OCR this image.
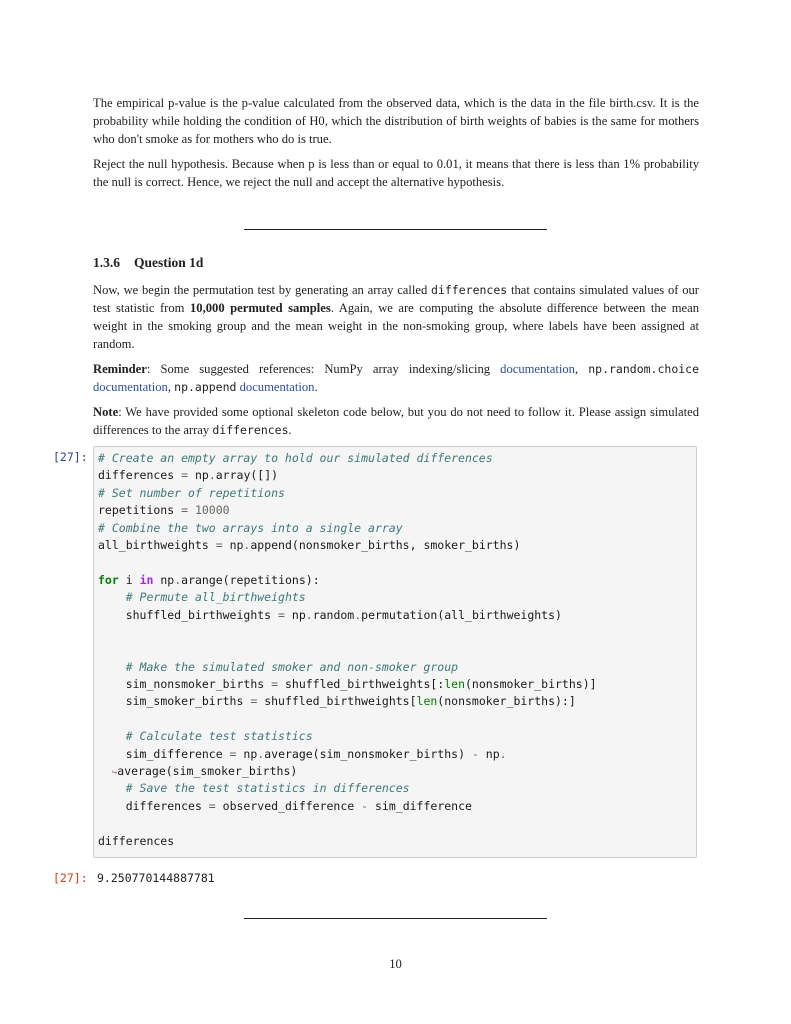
The empirical p-value is the p-value calculated from the observed data, which is the data in the file birth.csv. It is the probability while holding the condition of H0, which the distribution of birth weights of babies is the same for mothers who don't smoke as for mothers who do is true.
Reject the null hypothesis. Because when p is less than or equal to 0.01, it means that there is less than 1% probability the null is correct. Hence, we reject the null and accept the alternative hypothesis.
1.3.6 Question 1d
Now, we begin the permutation test by generating an array called differences that contains simulated values of our test statistic from 10,000 permuted samples. Again, we are computing the absolute difference between the mean weight in the smoking group and the mean weight in the non-smoking group, where labels have been assigned at random.
Reminder: Some suggested references: NumPy array indexing/slicing documentation, np.random.choice documentation, np.append documentation.
Note: We have provided some optional skeleton code below, but you do not need to follow it. Please assign simulated differences to the array differences.
[27]: # Create an empty array to hold our simulated differences
differences = np.array([])
# Set number of repetitions
repetitions = 10000
# Combine the two arrays into a single array
all_birthweights = np.append(nonsmoker_births, smoker_births)
for i in np.arange(repetitions):
# Permute all_birthweights
shuffled_birthweights = np.random.permutation(all_birthweights)
# Make the simulated smoker and non-smoker group
sim_nonsmoker_births = shuffled_birthweights[:len(nonsmoker_births)]
sim_smoker_births = shuffled_birthweights[len(nonsmoker_births):]
# Calculate test statistics
sim_difference = np.average(sim_nonsmoker_births) - np.
↪average(sim_smoker_births)
# Save the test statistics in differences
differences = observed_difference - sim_difference
differences
[27]: 9.250770144887781
10
